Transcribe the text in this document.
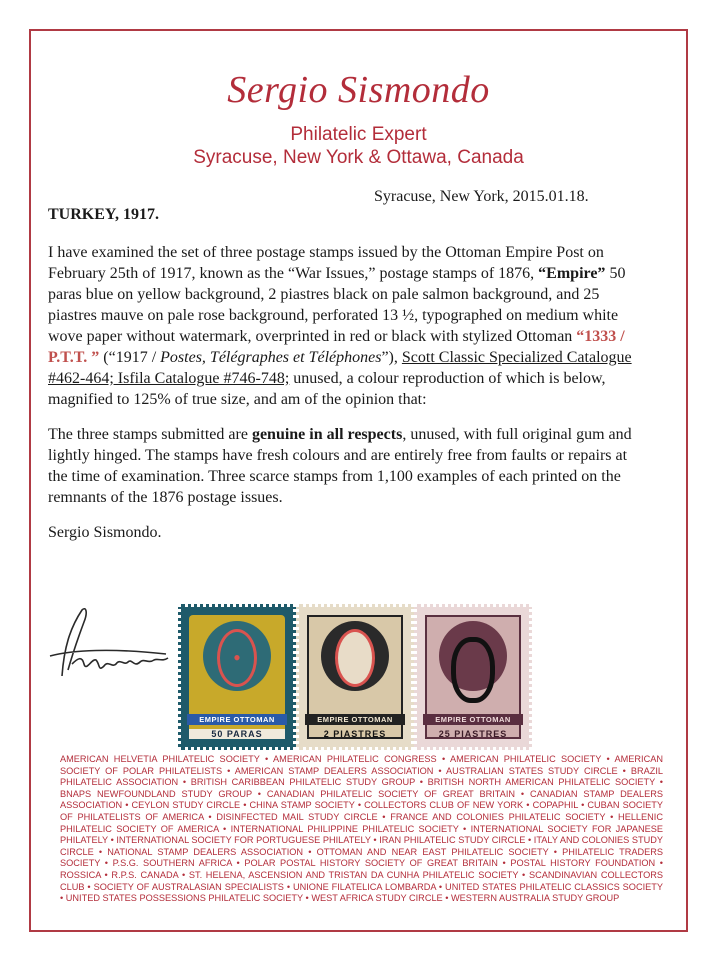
Sergio Sismondo
Philatelic Expert
Syracuse, New York & Ottawa, Canada
Syracuse, New York, 2015.01.18.
TURKEY, 1917.
I have examined the set of three postage stamps issued by the Ottoman Empire Post on February 25th of 1917, known as the “War Issues,” postage stamps of 1876, “Empire” 50 paras blue on yellow background, 2 piastres black on pale salmon background, and 25 piastres mauve on pale rose background, perforated 13 ½, typographed on medium white wove paper without watermark, overprinted in red or black with stylized Ottoman “1333 / P.T.T. ” (“1917 / Postes, Télégraphes et Téléphones”), Scott Classic Specialized Catalogue #462-464; Isfila Catalogue #746-748; unused, a colour reproduction of which is below, magnified to 125% of true size, and am of the opinion that:
The three stamps submitted are genuine in all respects, unused, with full original gum and lightly hinged. The stamps have fresh colours and are entirely free from faults or repairs at the time of examination. Three scarce stamps from 1,100 examples of each printed on the remnants of the 1876 postage issues.
Sergio Sismondo.
•
EMPIRE OTTOMAN
50 PARAS
EMPIRE OTTOMAN
2 PIASTRES
EMPIRE OTTOMAN
25 PIASTRES
AMERICAN HELVETIA PHILATELIC SOCIETY • AMERICAN PHILATELIC CONGRESS • AMERICAN PHILATELIC SOCIETY • AMERICAN SOCIETY OF POLAR PHILATELISTS • AMERICAN STAMP DEALERS ASSOCIATION • AUSTRALIAN STATES STUDY CIRCLE • BRAZIL PHILATELIC ASSOCIATION • BRITISH CARIBBEAN PHILATELIC STUDY GROUP • BRITISH NORTH AMERICAN PHILATELIC SOCIETY • BNAPS NEWFOUNDLAND STUDY GROUP • CANADIAN PHILATELIC SOCIETY OF GREAT BRITAIN • CANADIAN STAMP DEALERS ASSOCIATION • CEYLON STUDY CIRCLE • CHINA STAMP SOCIETY • COLLECTORS CLUB OF NEW YORK • COPAPHIL • CUBAN SOCIETY OF PHILATELISTS OF AMERICA • DISINFECTED MAIL STUDY CIRCLE • FRANCE AND COLONIES PHILATELIC SOCIETY • HELLENIC PHILATELIC SOCIETY OF AMERICA • INTERNATIONAL PHILIPPINE PHILATELIC SOCIETY • INTERNATIONAL SOCIETY FOR JAPANESE PHILATELY • INTERNATIONAL SOCIETY FOR PORTUGUESE PHILATELY • IRAN PHILATELIC STUDY CIRCLE • ITALY AND COLONIES STUDY CIRCLE • NATIONAL STAMP DEALERS ASSOCIATION • OTTOMAN AND NEAR EAST PHILATELIC SOCIETY • PHILATELIC TRADERS SOCIETY • P.S.G. SOUTHERN AFRICA • POLAR POSTAL HISTORY SOCIETY OF GREAT BRITAIN • POSTAL HISTORY FOUNDATION • ROSSICA • R.P.S. CANADA • ST. HELENA, ASCENSION AND TRISTAN DA CUNHA PHILATELIC SOCIETY • SCANDINAVIAN COLLECTORS CLUB • SOCIETY OF AUSTRALASIAN SPECIALISTS • UNIONE FILATELICA LOMBARDA • UNITED STATES PHILATELIC CLASSICS SOCIETY • UNITED STATES POSSESSIONS PHILATELIC SOCIETY • WEST AFRICA STUDY CIRCLE • WESTERN AUSTRALIA STUDY GROUP
